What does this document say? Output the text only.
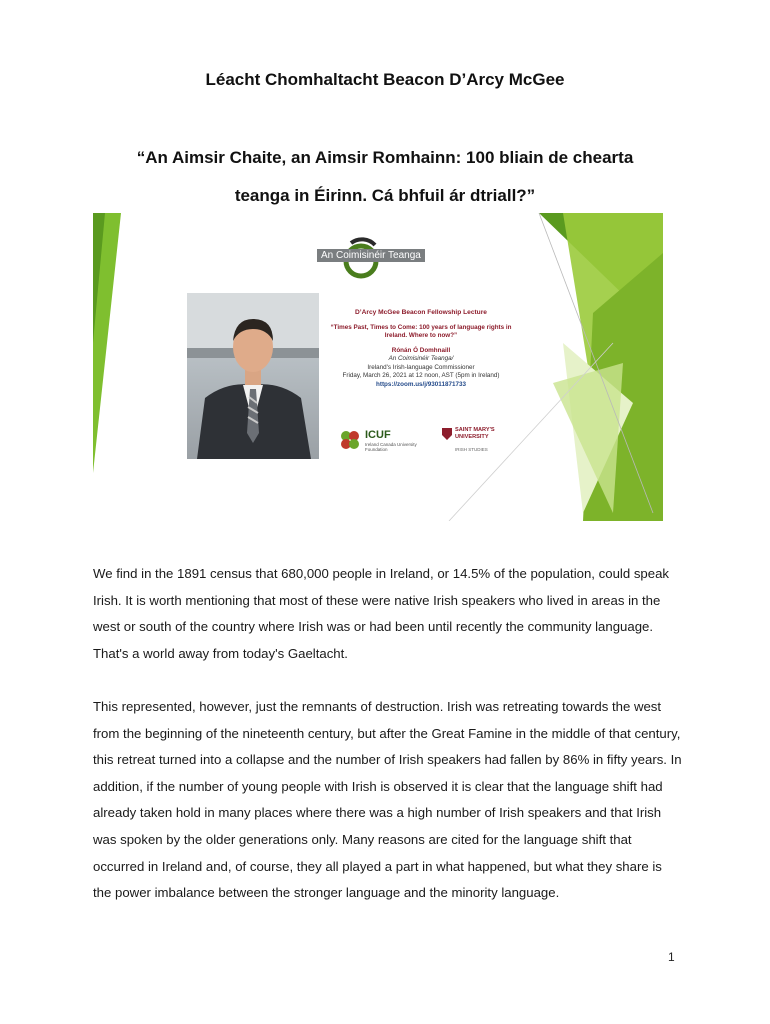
Léacht Chomhaltacht Beacon D’Arcy McGee
“An Aimsir Chaite, an Aimsir Romhainn: 100 bliain de chearta
teanga in Éirinn. Cá bhfuil ár dtriall?”
An Coimisinéir Teanga
D’Arcy McGee Beacon Fellowship Lecture
“Times Past, Times to Come: 100 years of language rights in Ireland. Where to now?”
Rónán Ó Domhnaill
An Coimisinéir Teanga/
Ireland's Irish-language Commissioner
Friday, March 26, 2021 at 12 noon, AST (5pm in Ireland)
https://zoom.us/j/93011871733
ICUF
Ireland Canada University Foundation
SAINT MARY'S UNIVERSITY
IRISH STUDIES
We find in the 1891 census that 680,000 people in Ireland, or 14.5% of the population, could speak Irish. It is worth mentioning that most of these were native Irish speakers who lived in areas in the west or south of the country where Irish was or had been until recently the community language. That's a world away from today's Gaeltacht.
This represented, however, just the remnants of destruction. Irish was retreating towards the west from the beginning of the nineteenth century, but after the Great Famine in the middle of that century, this retreat turned into a collapse and the number of Irish speakers had fallen by 86% in fifty years. In addition, if the number of young people with Irish is observed it is clear that the language shift had already taken hold in many places where there was a high number of Irish speakers and that Irish was spoken by the older generations only. Many reasons are cited for the language shift that occurred in Ireland and, of course, they all played a part in what happened, but what they share is the power imbalance between the stronger language and the minority language.
1
